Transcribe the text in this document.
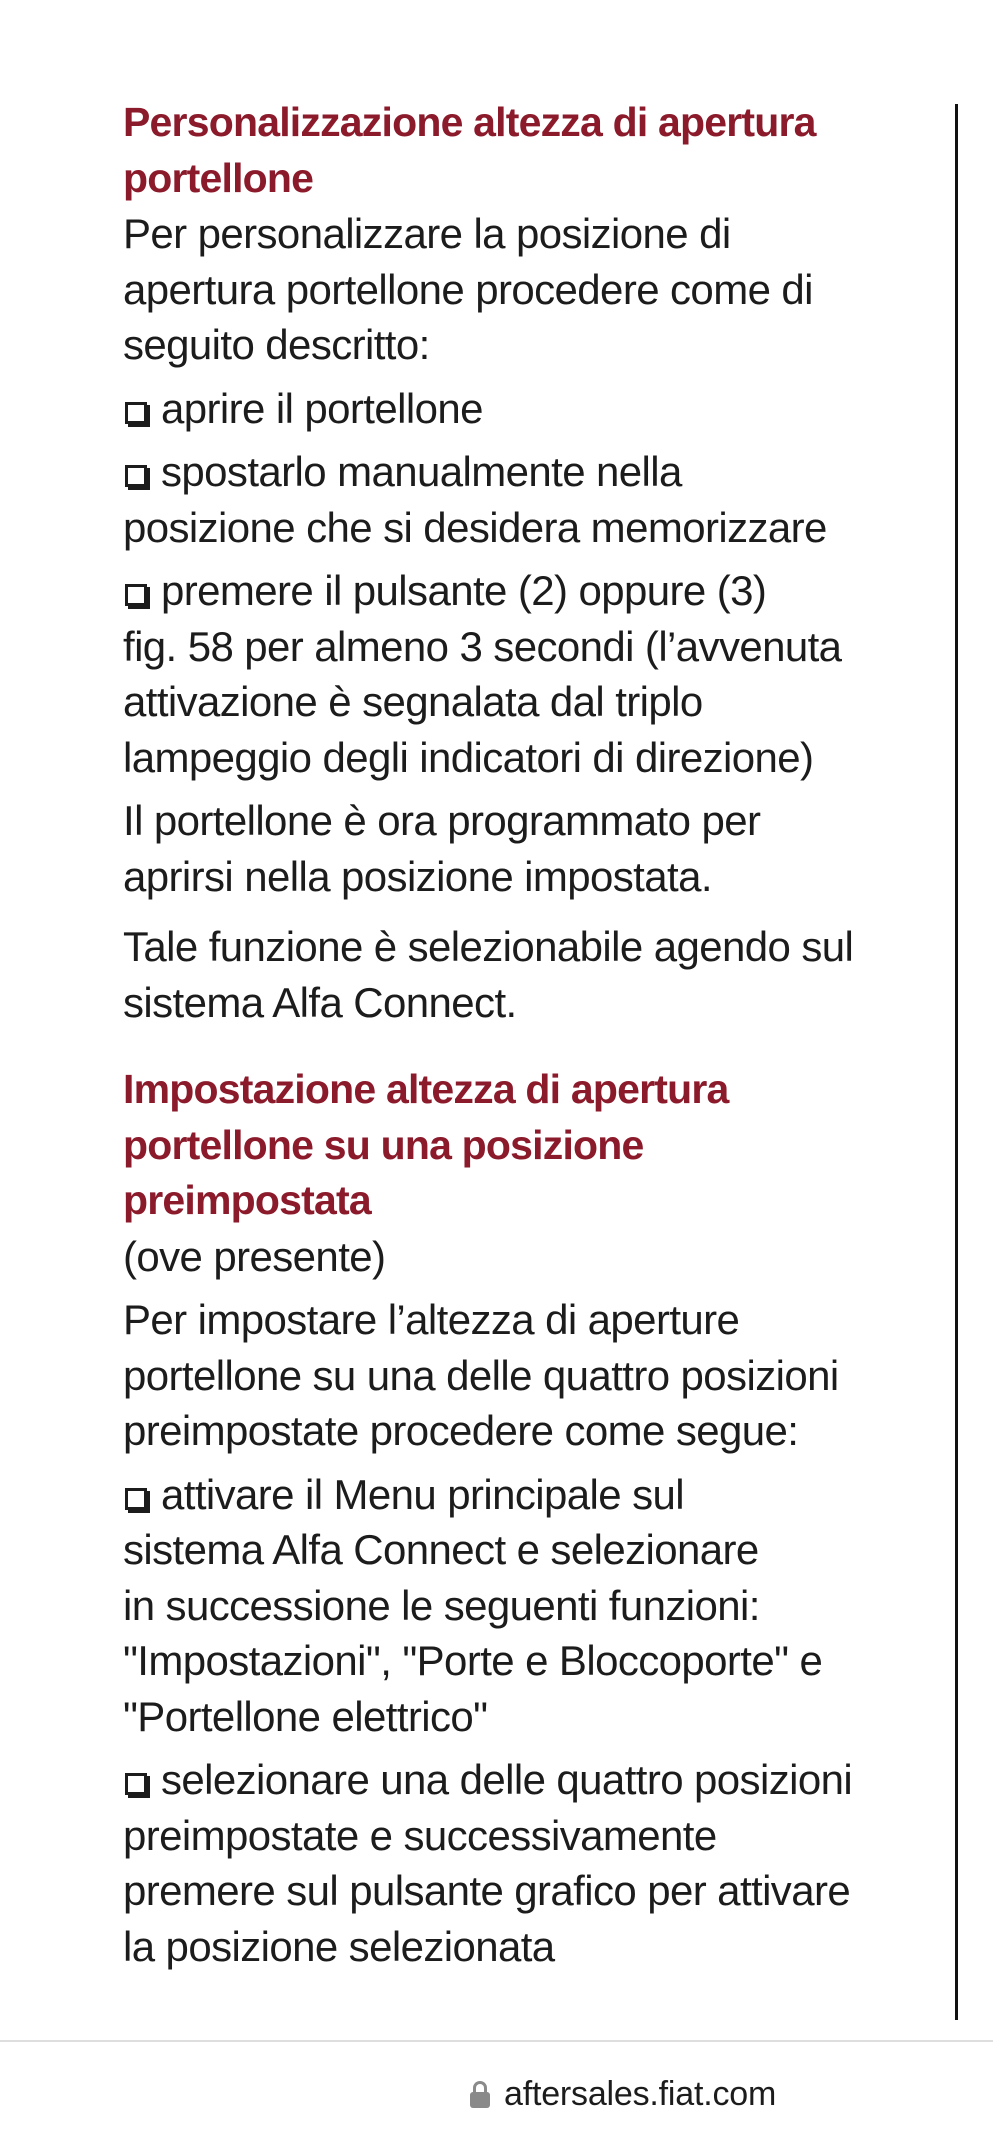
Personalizzazione altezza di apertura
portellone

Per personalizzare la posizione di
apertura portellone procedere come di
seguito descritto:

aprire il portellone

spostarlo manualmente nella
posizione che si desidera memorizzare

premere il pulsante (2) oppure (3)
fig. 58 per almeno 3 secondi (l’avvenuta
attivazione è segnalata dal triplo
lampeggio degli indicatori di direzione)

Il portellone è ora programmato per
aprirsi nella posizione impostata.

Tale funzione è selezionabile agendo sul
sistema Alfa Connect.

Impostazione altezza di apertura
portellone su una posizione
preimpostata

(ove presente)

Per impostare l’altezza di aperture
portellone su una delle quattro posizioni
preimpostate procedere come segue:

attivare il Menu principale sul
sistema Alfa Connect e selezionare
in successione le seguenti funzioni:
"Impostazioni", "Porte e Bloccoporte" e
"Portellone elettrico"

selezionare una delle quattro posizioni
preimpostate e successivamente
premere sul pulsante grafico per attivare
la posizione selezionata

aftersales.fiat.com
